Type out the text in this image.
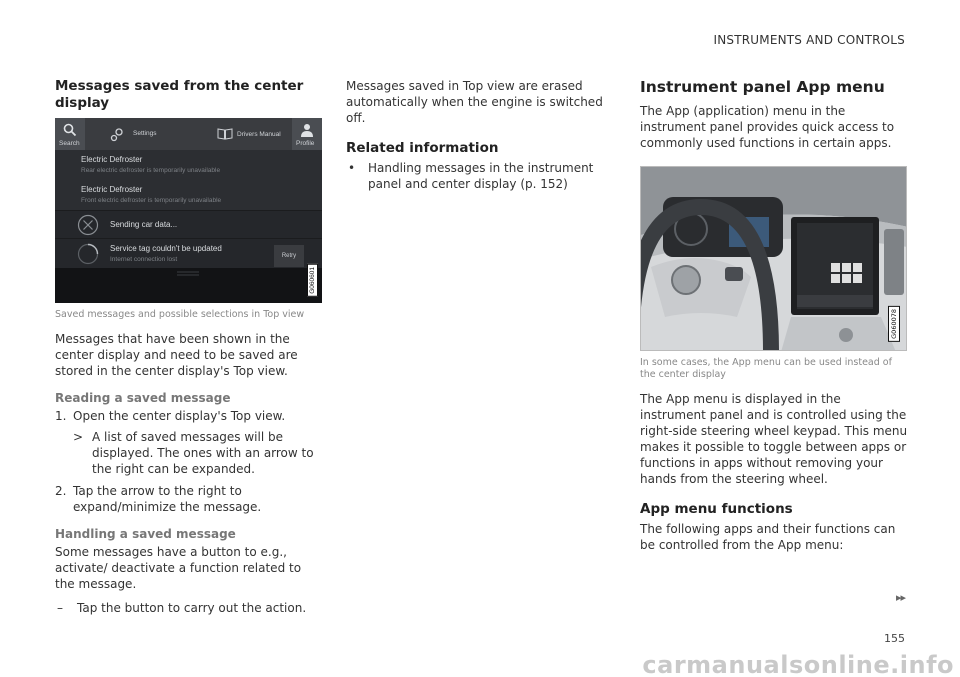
INSTRUMENTS AND CONTROLS
Messages saved from the center display
Search
Settings	Drivers Manual
Profile
Electric Defroster
Rear electric defroster is temporarily unavailable
Electric Defroster
Front electric defroster is temporarily unavailable
Sending car data...
Service tag couldn't be updated
Internet connection lost	Retry
G060601
Saved messages and possible selections in Top view

Messages that have been shown in the center display and need to be saved are stored in the center display's Top view.

Reading a saved message
1. Open the center display's Top view.
> A list of saved messages will be displayed. The ones with an arrow to the right can be expanded.
2. Tap the arrow to the right to expand/minimize the message.
Handling a saved message

Some messages have a button to e.g., activate/ deactivate a function related to the message.

–	Tap the button to carry out the action.

Messages saved in Top view are erased automatically when the engine is switched off.

Related information
•	Handling messages in the instrument panel and center display (p. 152)
Instrument panel App menu

The App (application) menu in the instrument panel provides quick access to commonly used functions in certain apps.

G060078
In some cases, the App menu can be used instead of the center display

The App menu is displayed in the instrument panel and is controlled using the right-side steering wheel keypad. This menu makes it possible to toggle between apps or functions in apps without removing your hands from the steering wheel.

App menu functions

The following apps and their functions can be controlled from the App menu:

▸▸
155
carmanualsonline.info
